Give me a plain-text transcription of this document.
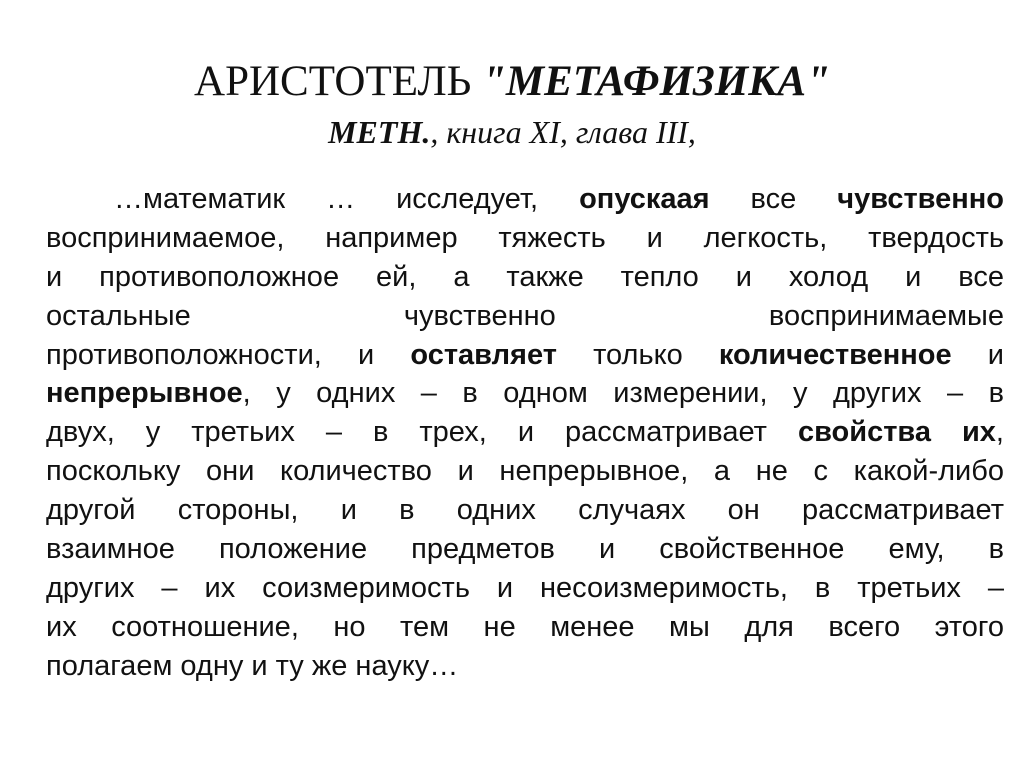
АРИСТОТЕЛЬ "МЕТАФИЗИКА"
METH., книга XI, глава III,
…математик … исследует, опускаая все чувственно
воспринимаемое, например тяжесть и легкость, твердость
и противоположное ей, а также тепло и холод и все
остальные чувственно воспринимаемые
противоположности, и оставляет только количественное и
непрерывное, у одних – в одном измерении, у других – в
двух, у третьих – в трех, и рассматривает свойства их,
поскольку они количество и непрерывное, а не с какой-либо
другой стороны, и в одних случаях он рассматривает
взаимное положение предметов и свойственное ему, в
других – их соизмеримость и несоизмеримость, в третьих –
их соотношение, но тем не менее мы для всего этого
полагаем одну и ту же науку…
